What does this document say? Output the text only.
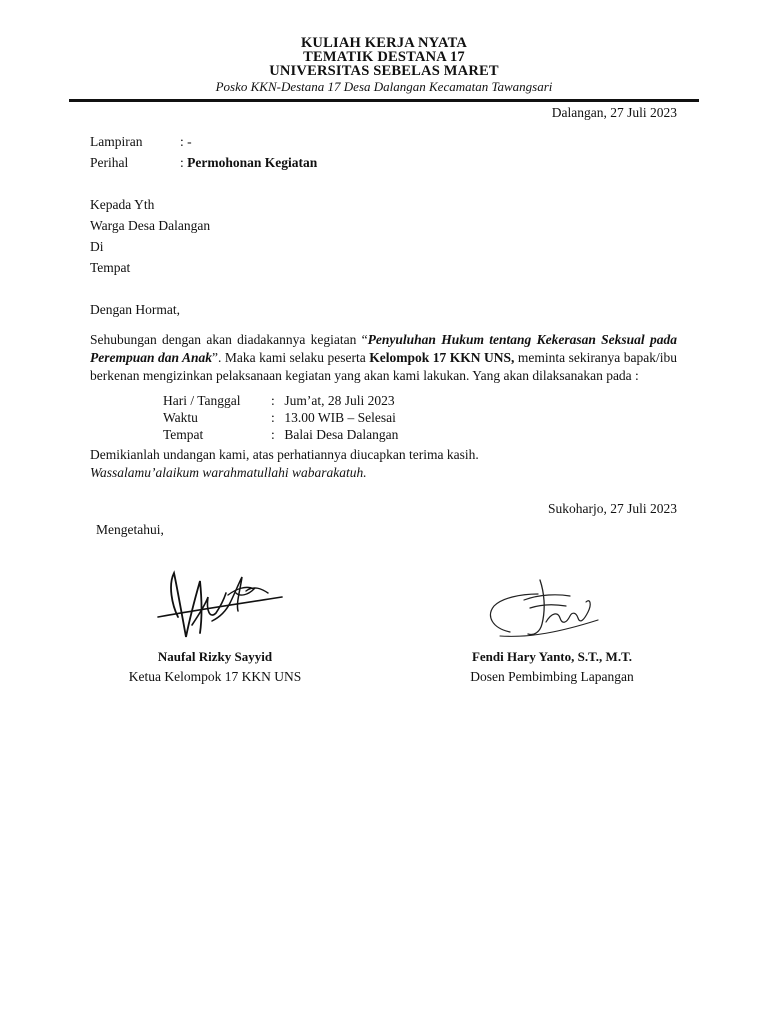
KULIAH KERJA NYATA
TEMATIK DESTANA 17
UNIVERSITAS SEBELAS MARET
Posko KKN-Destana 17 Desa Dalangan Kecamatan Tawangsari
Dalangan, 27 Juli 2023
Lampiran	: -
Perihal	: Permohonan Kegiatan
Kepada Yth
Warga Desa Dalangan
Di
Tempat
Dengan Hormat,
Sehubungan dengan akan diadakannya kegiatan “Penyuluhan Hukum tentang Kekerasan Seksual pada Perempuan dan Anak”. Maka kami selaku peserta Kelompok 17 KKN UNS, meminta sekiranya bapak/ibu berkenan mengizinkan pelaksanaan kegiatan yang akan kami lakukan. Yang akan dilaksanakan pada :
Hari / Tanggal : Jum’at, 28 Juli 2023
Waktu	: 13.00 WIB – Selesai
Tempat	: Balai Desa Dalangan
Demikianlah undangan kami, atas perhatiannya diucapkan terima kasih.
Wassalamu’alaikum warahmatullahi wabarakatuh.
Sukoharjo, 27 Juli 2023
Mengetahui,
Naufal Rizky Sayyid
Ketua Kelompok 17 KKN UNS
Fendi Hary Yanto, S.T., M.T.
Dosen Pembimbing Lapangan
